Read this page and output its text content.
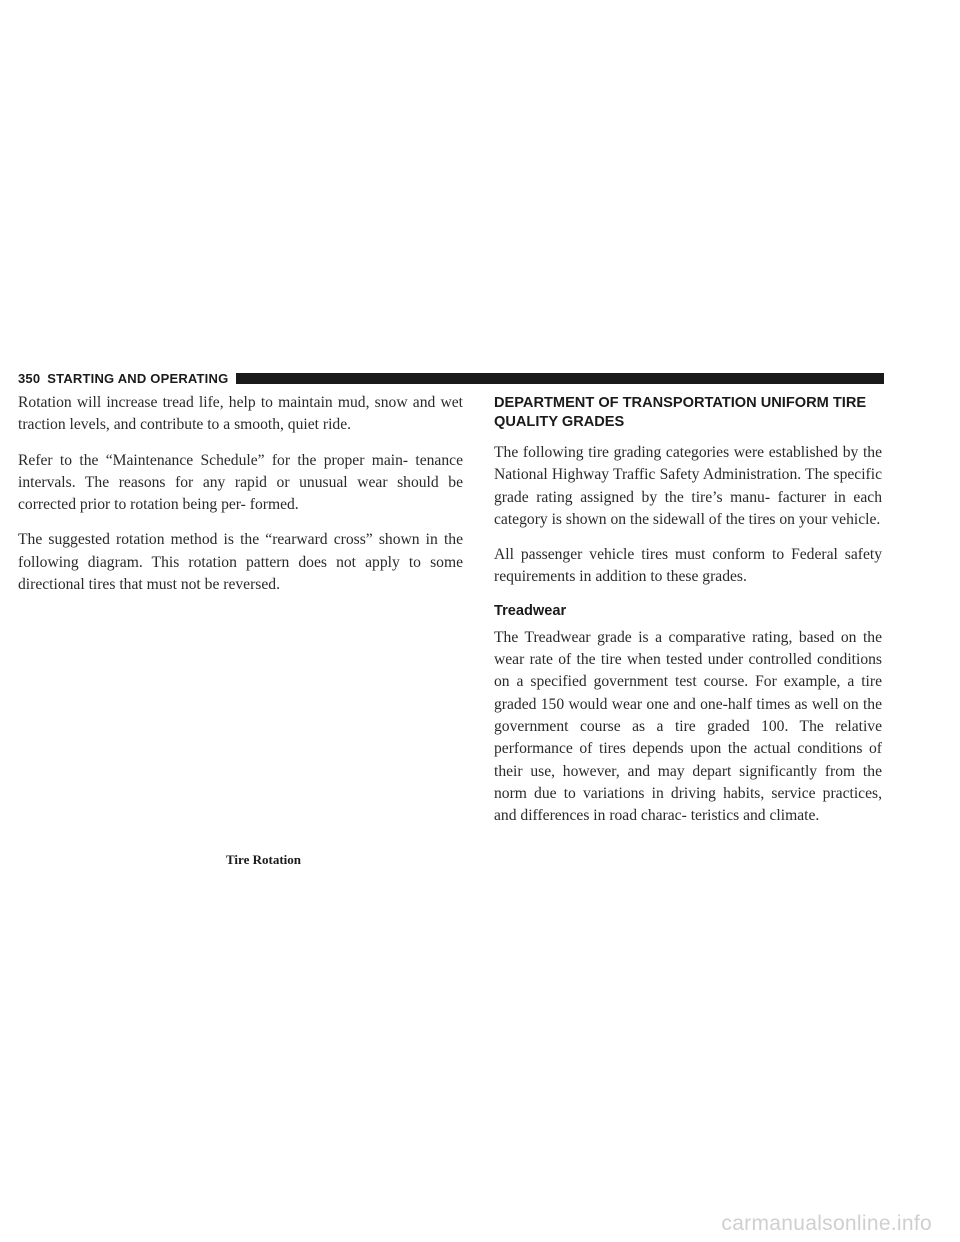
350 STARTING AND OPERATING

Rotation will increase tread life, help to maintain mud, snow and wet traction levels, and contribute to a smooth, quiet ride.

Refer to the “Maintenance Schedule” for the proper main- tenance intervals. The reasons for any rapid or unusual wear should be corrected prior to rotation being per- formed.

The suggested rotation method is the “rearward cross” shown in the following diagram. This rotation pattern does not apply to some directional tires that must not be reversed.

Tire Rotation
DEPARTMENT OF TRANSPORTATION UNIFORM TIRE QUALITY GRADES

The following tire grading categories were established by the National Highway Traffic Safety Administration. The specific grade rating assigned by the tire’s manu- facturer in each category is shown on the sidewall of the tires on your vehicle.

All passenger vehicle tires must conform to Federal safety requirements in addition to these grades.

Treadwear

The Treadwear grade is a comparative rating, based on the wear rate of the tire when tested under controlled conditions on a specified government test course. For example, a tire graded 150 would wear one and one-half times as well on the government course as a tire graded 100. The relative performance of tires depends upon the actual conditions of their use, however, and may depart significantly from the norm due to variations in driving habits, service practices, and differences in road charac- teristics and climate.

carmanualsonline.info
